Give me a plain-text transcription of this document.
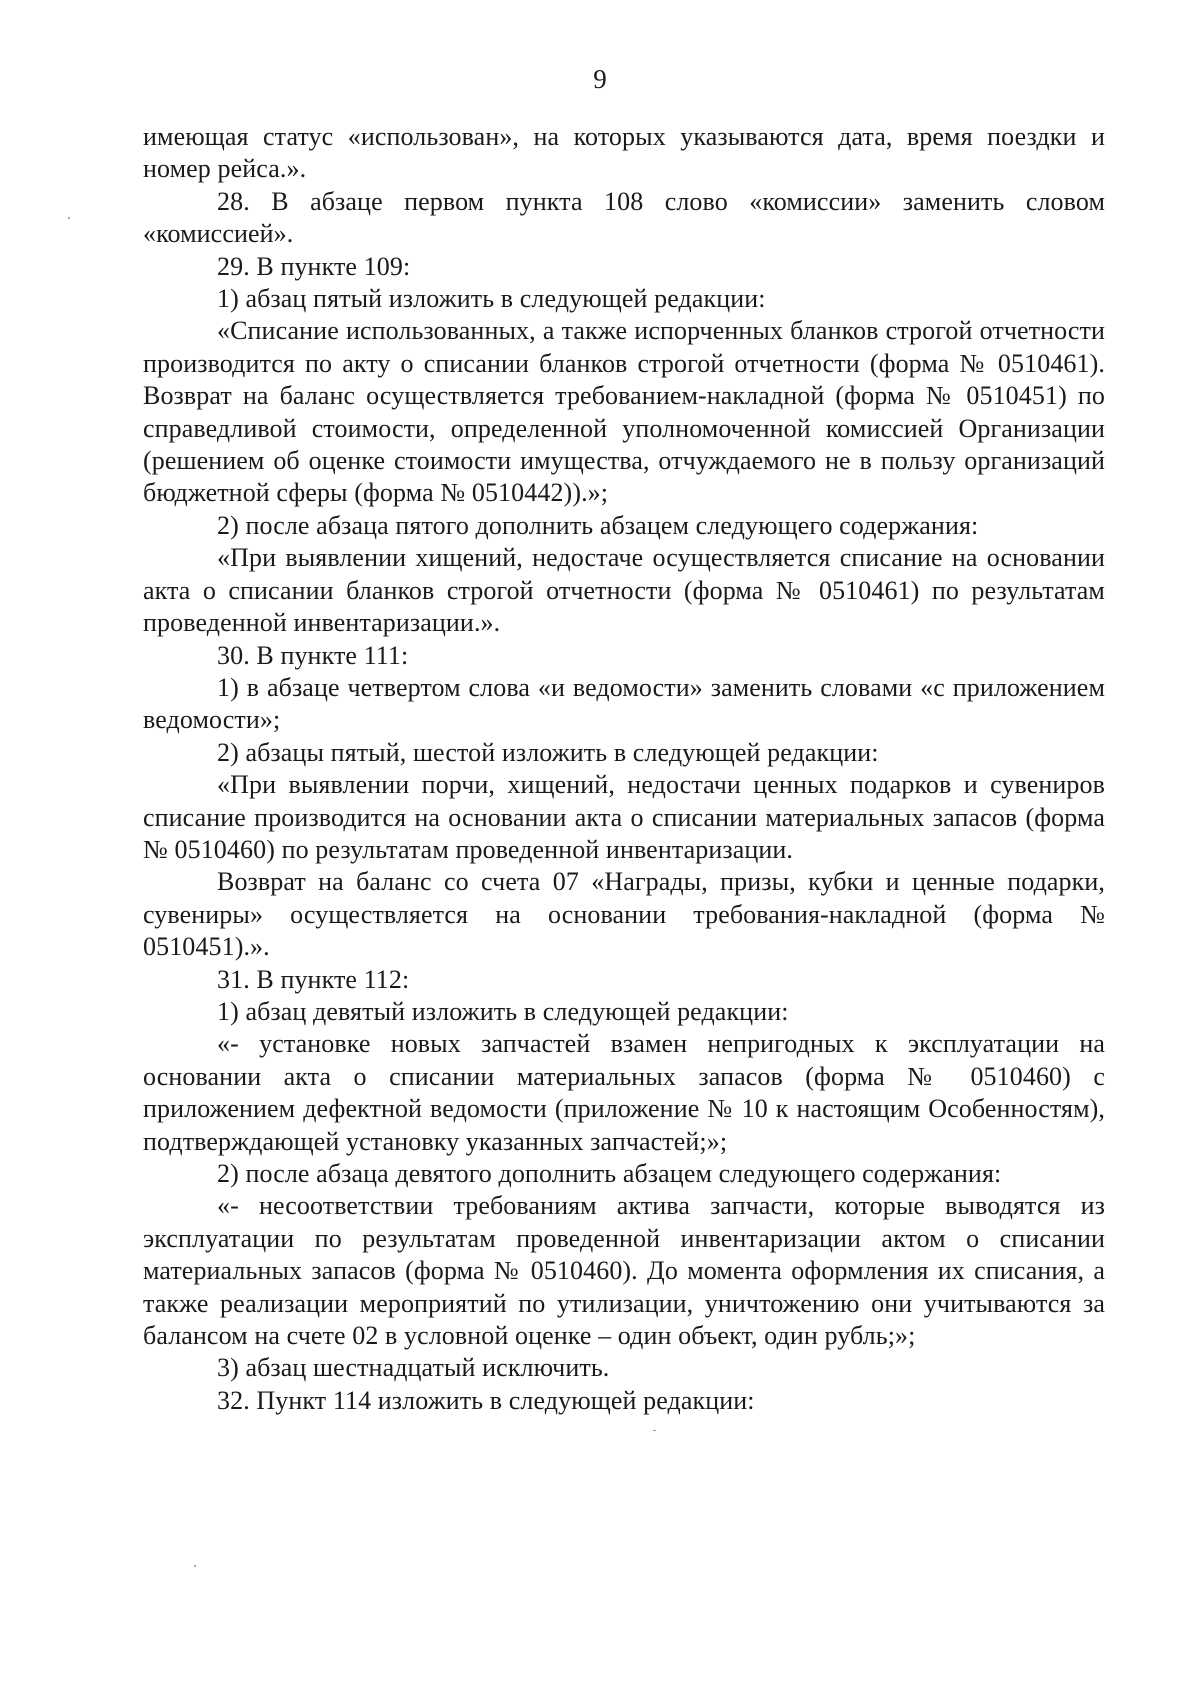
9

имеющая статус «использован», на которых указываются дата, время поездки и номер рейса.».

28. В абзаце первом пункта 108 слово «комиссии» заменить словом «комиссией».

29. В пункте 109:

1) абзац пятый изложить в следующей редакции:

«Списание использованных, а также испорченных бланков строгой отчетности производится по акту о списании бланков строгой отчетности (форма № 0510461). Возврат на баланс осуществляется требованием-накладной (форма № 0510451) по справедливой стоимости, определенной уполномоченной комиссией Организации (решением об оценке стоимости имущества, отчуждаемого не в пользу организаций бюджетной сферы (форма № 0510442)).»;

2) после абзаца пятого дополнить абзацем следующего содержания:

«При выявлении хищений, недостаче осуществляется списание на основании акта о списании бланков строгой отчетности (форма № 0510461) по результатам проведенной инвентаризации.».

30. В пункте 111:

1) в абзаце четвертом слова «и ведомости» заменить словами «с приложением ведомости»;

2) абзацы пятый, шестой изложить в следующей редакции:

«При выявлении порчи, хищений, недостачи ценных подарков и сувениров списание производится на основании акта о списании материальных запасов (форма № 0510460) по результатам проведенной инвентаризации.

Возврат на баланс со счета 07 «Награды, призы, кубки и ценные подарки, сувениры» осуществляется на основании требования-накладной (форма № 0510451).».

31. В пункте 112:

1) абзац девятый изложить в следующей редакции:

«- установке новых запчастей взамен непригодных к эксплуатации на основании акта о списании материальных запасов (форма № 0510460) с приложением дефектной ведомости (приложение № 10 к настоящим Особенностям), подтверждающей установку указанных запчастей;»;

2) после абзаца девятого дополнить абзацем следующего содержания:

«- несоответствии требованиям актива запчасти, которые выводятся из эксплуатации по результатам проведенной инвентаризации актом о списании материальных запасов (форма № 0510460). До момента оформления их списания, а также реализации мероприятий по утилизации, уничтожению они учитываются за балансом на счете 02 в условной оценке – один объект, один рубль;»;

3) абзац шестнадцатый исключить.

32. Пункт 114 изложить в следующей редакции:
